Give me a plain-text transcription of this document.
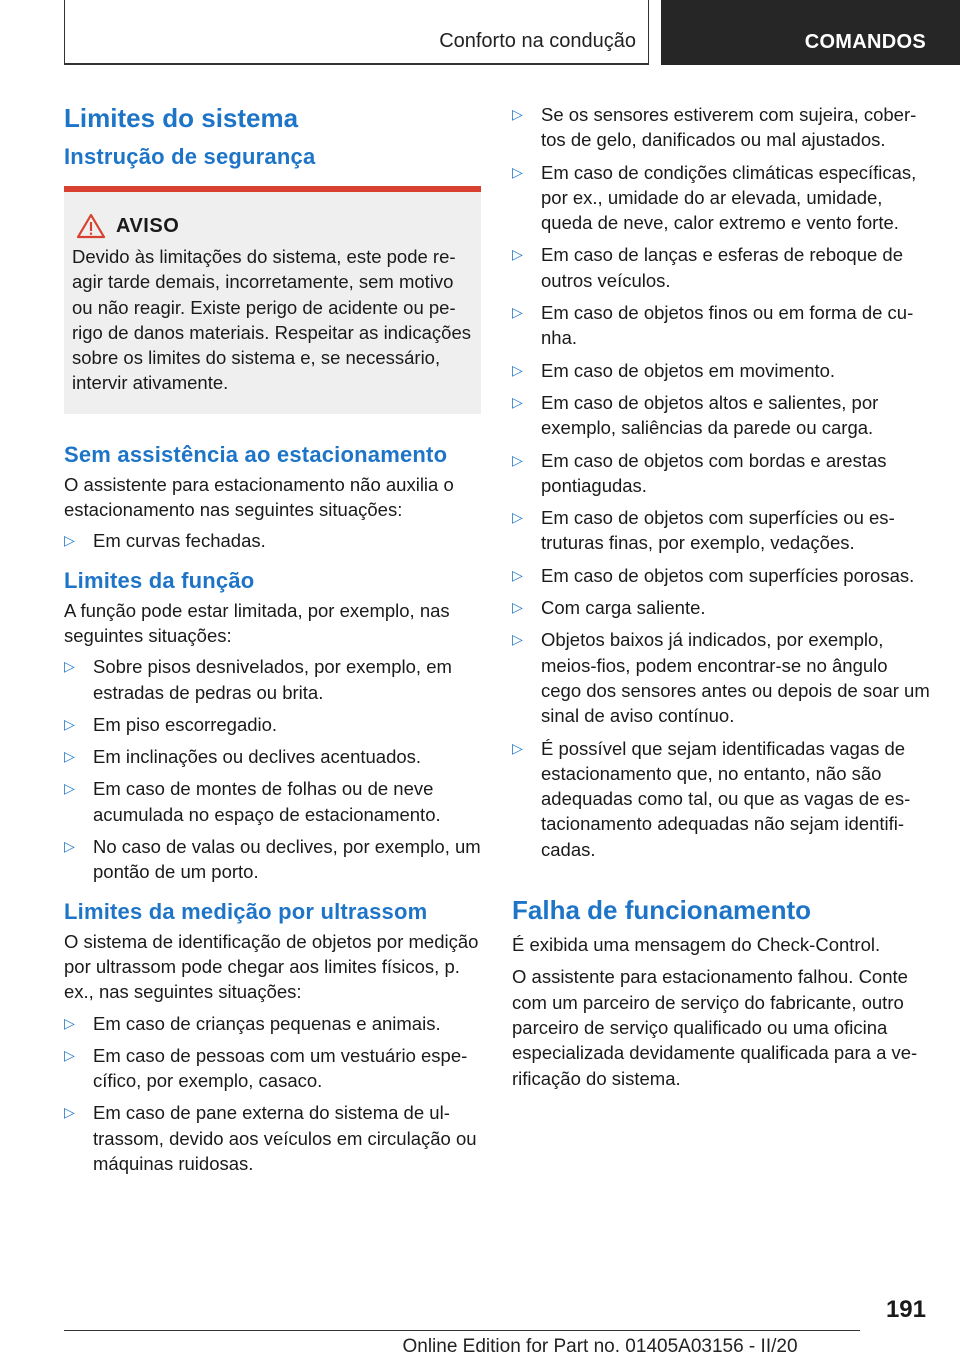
Conforto na condução	COMANDOS
Limites do sistema
Instrução de segurança
AVISO
Devido às limitações do sistema, este pode reagir tarde demais, incorretamente, sem motivo ou não reagir. Existe perigo de acidente ou perigo de danos materiais. Respeitar as indicações sobre os limites do sistema e, se necessário, intervir ativamente.
Sem assistência ao estacionamento

O assistente para estacionamento não auxilia o estacionamento nas seguintes situações:

▷ Em curvas fechadas.
Limites da função

A função pode estar limitada, por exemplo, nas seguintes situações:

▷ Sobre pisos desnivelados, por exemplo, em estradas de pedras ou brita.
▷ Em piso escorregadio.
▷ Em inclinações ou declives acentuados.
▷ Em caso de montes de folhas ou de neve acumulada no espaço de estacionamento.
▷ No caso de valas ou declives, por exemplo, um pontão de um porto.
Limites da medição por ultrassom

O sistema de identificação de objetos por medição por ultrassom pode chegar aos limites físicos, p. ex., nas seguintes situações:

▷ Em caso de crianças pequenas e animais.
▷ Em caso de pessoas com um vestuário específico, por exemplo, casaco.
▷ Em caso de pane externa do sistema de ultrassom, devido aos veículos em circulação ou máquinas ruidosas.
▷ Se os sensores estiverem com sujeira, cobertos de gelo, danificados ou mal ajustados.
▷ Em caso de condições climáticas específicas, por ex., umidade do ar elevada, umidade, queda de neve, calor extremo e vento forte.
▷ Em caso de lanças e esferas de reboque de outros veículos.
▷ Em caso de objetos finos ou em forma de cunha.
▷ Em caso de objetos em movimento.
▷ Em caso de objetos altos e salientes, por exemplo, saliências da parede ou carga.
▷ Em caso de objetos com bordas e arestas pontiagudas.
▷ Em caso de objetos com superfícies ou estruturas finas, por exemplo, vedações.
▷ Em caso de objetos com superfícies porosas.
▷ Com carga saliente.
▷ Objetos baixos já indicados, por exemplo, meios-fios, podem encontrar-se no ângulo cego dos sensores antes ou depois de soar um sinal de aviso contínuo.
▷ É possível que sejam identificadas vagas de estacionamento que, no entanto, não são adequadas como tal, ou que as vagas de estacionamento adequadas não sejam identificadas.
Falha de funcionamento

É exibida uma mensagem do Check-Control.

O assistente para estacionamento falhou. Conte com um parceiro de serviço do fabricante, outro parceiro de serviço qualificado ou uma oficina especializada devidamente qualificada para a verificação do sistema.

191
Online Edition for Part no. 01405A03156 - II/20
